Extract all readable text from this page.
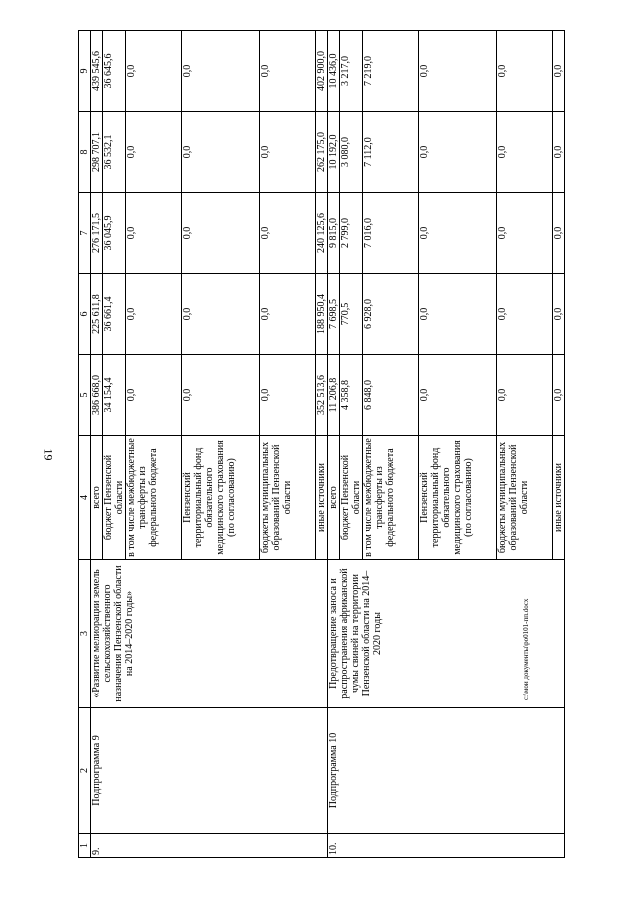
19
c:\мои документы\ро0101-пп.docx
1	2	3	4	5	6	7	8	9
9.	Подпрограмма 9	«Развитие мелиорации земель сельскохозяйственного назначения Пензенской области на 2014–2020 годы»	всего	386 668,0	225 611,8	276 171,5	298 707,1	439 545,6
			бюджет Пензенской области	34 154,4	36 661,4	36 045,9	36 532,1	36 645,6
			в том числе межбюджетные трансферты из федерального бюджета	0,0	0,0	0,0	0,0	0,0
			Пензенский территориальный фонд обязательного медицинского страхования (по согласованию)	0,0	0,0	0,0	0,0	0,0
			бюджеты муниципальных образований Пензенской области	0,0	0,0	0,0	0,0	0,0
			иные источники	352 513,6	188 950,4	240 125,6	262 175,0	402 900,0
10.	Подпрограмма 10	Предотвращение заноса и распространения африканской чумы свиней на территории Пензенской области на 2014–2020 годы	всего	11 206,8	7 698,5	9 815,0	10 192,0	10 436,0
			бюджет Пензенской области	4 358,8	770,5	2 799,0	3 080,0	3 217,0
			в том числе межбюджетные трансферты из федерального бюджета	6 848,0	6 928,0	7 016,0	7 112,0	7 219,0
			Пензенский территориальный фонд обязательного медицинского страхования (по согласованию)	0,0	0,0	0,0	0,0	0,0
			бюджеты муниципальных образований Пензенской области	0,0	0,0	0,0	0,0	0,0
			иные источники	0,0	0,0	0,0	0,0	0,0
